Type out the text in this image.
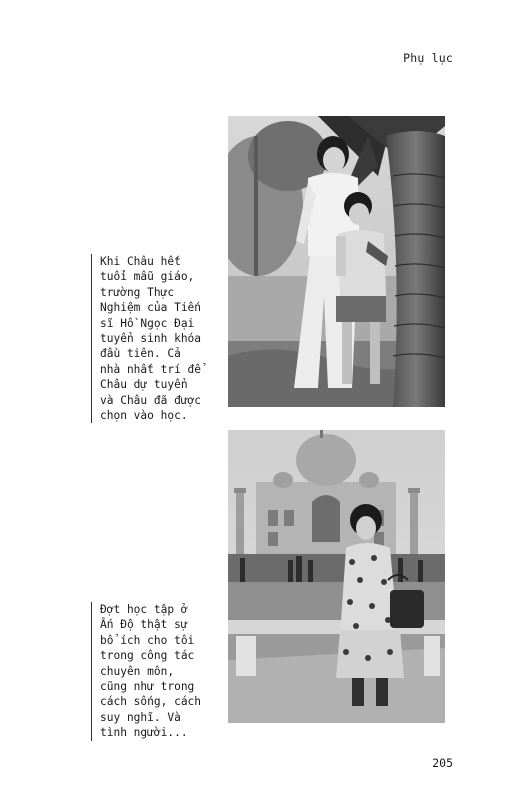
Phụ lục
Khi Châu hết
tuổi mẫu giáo,
trường Thực
Nghiệm của Tiến
sĩ Hồ Ngọc Đại
tuyển sinh khóa
đầu tiên. Cả
nhà nhất trí để
Châu dự tuyển
và Châu đã được
chọn vào học.
Đợt học tập ở
Ấn Độ thật sự
bổ ích cho tôi
trong công tác
chuyên môn,
cũng như trong
cách sống, cách
suy nghĩ. Và
tình người...
205
